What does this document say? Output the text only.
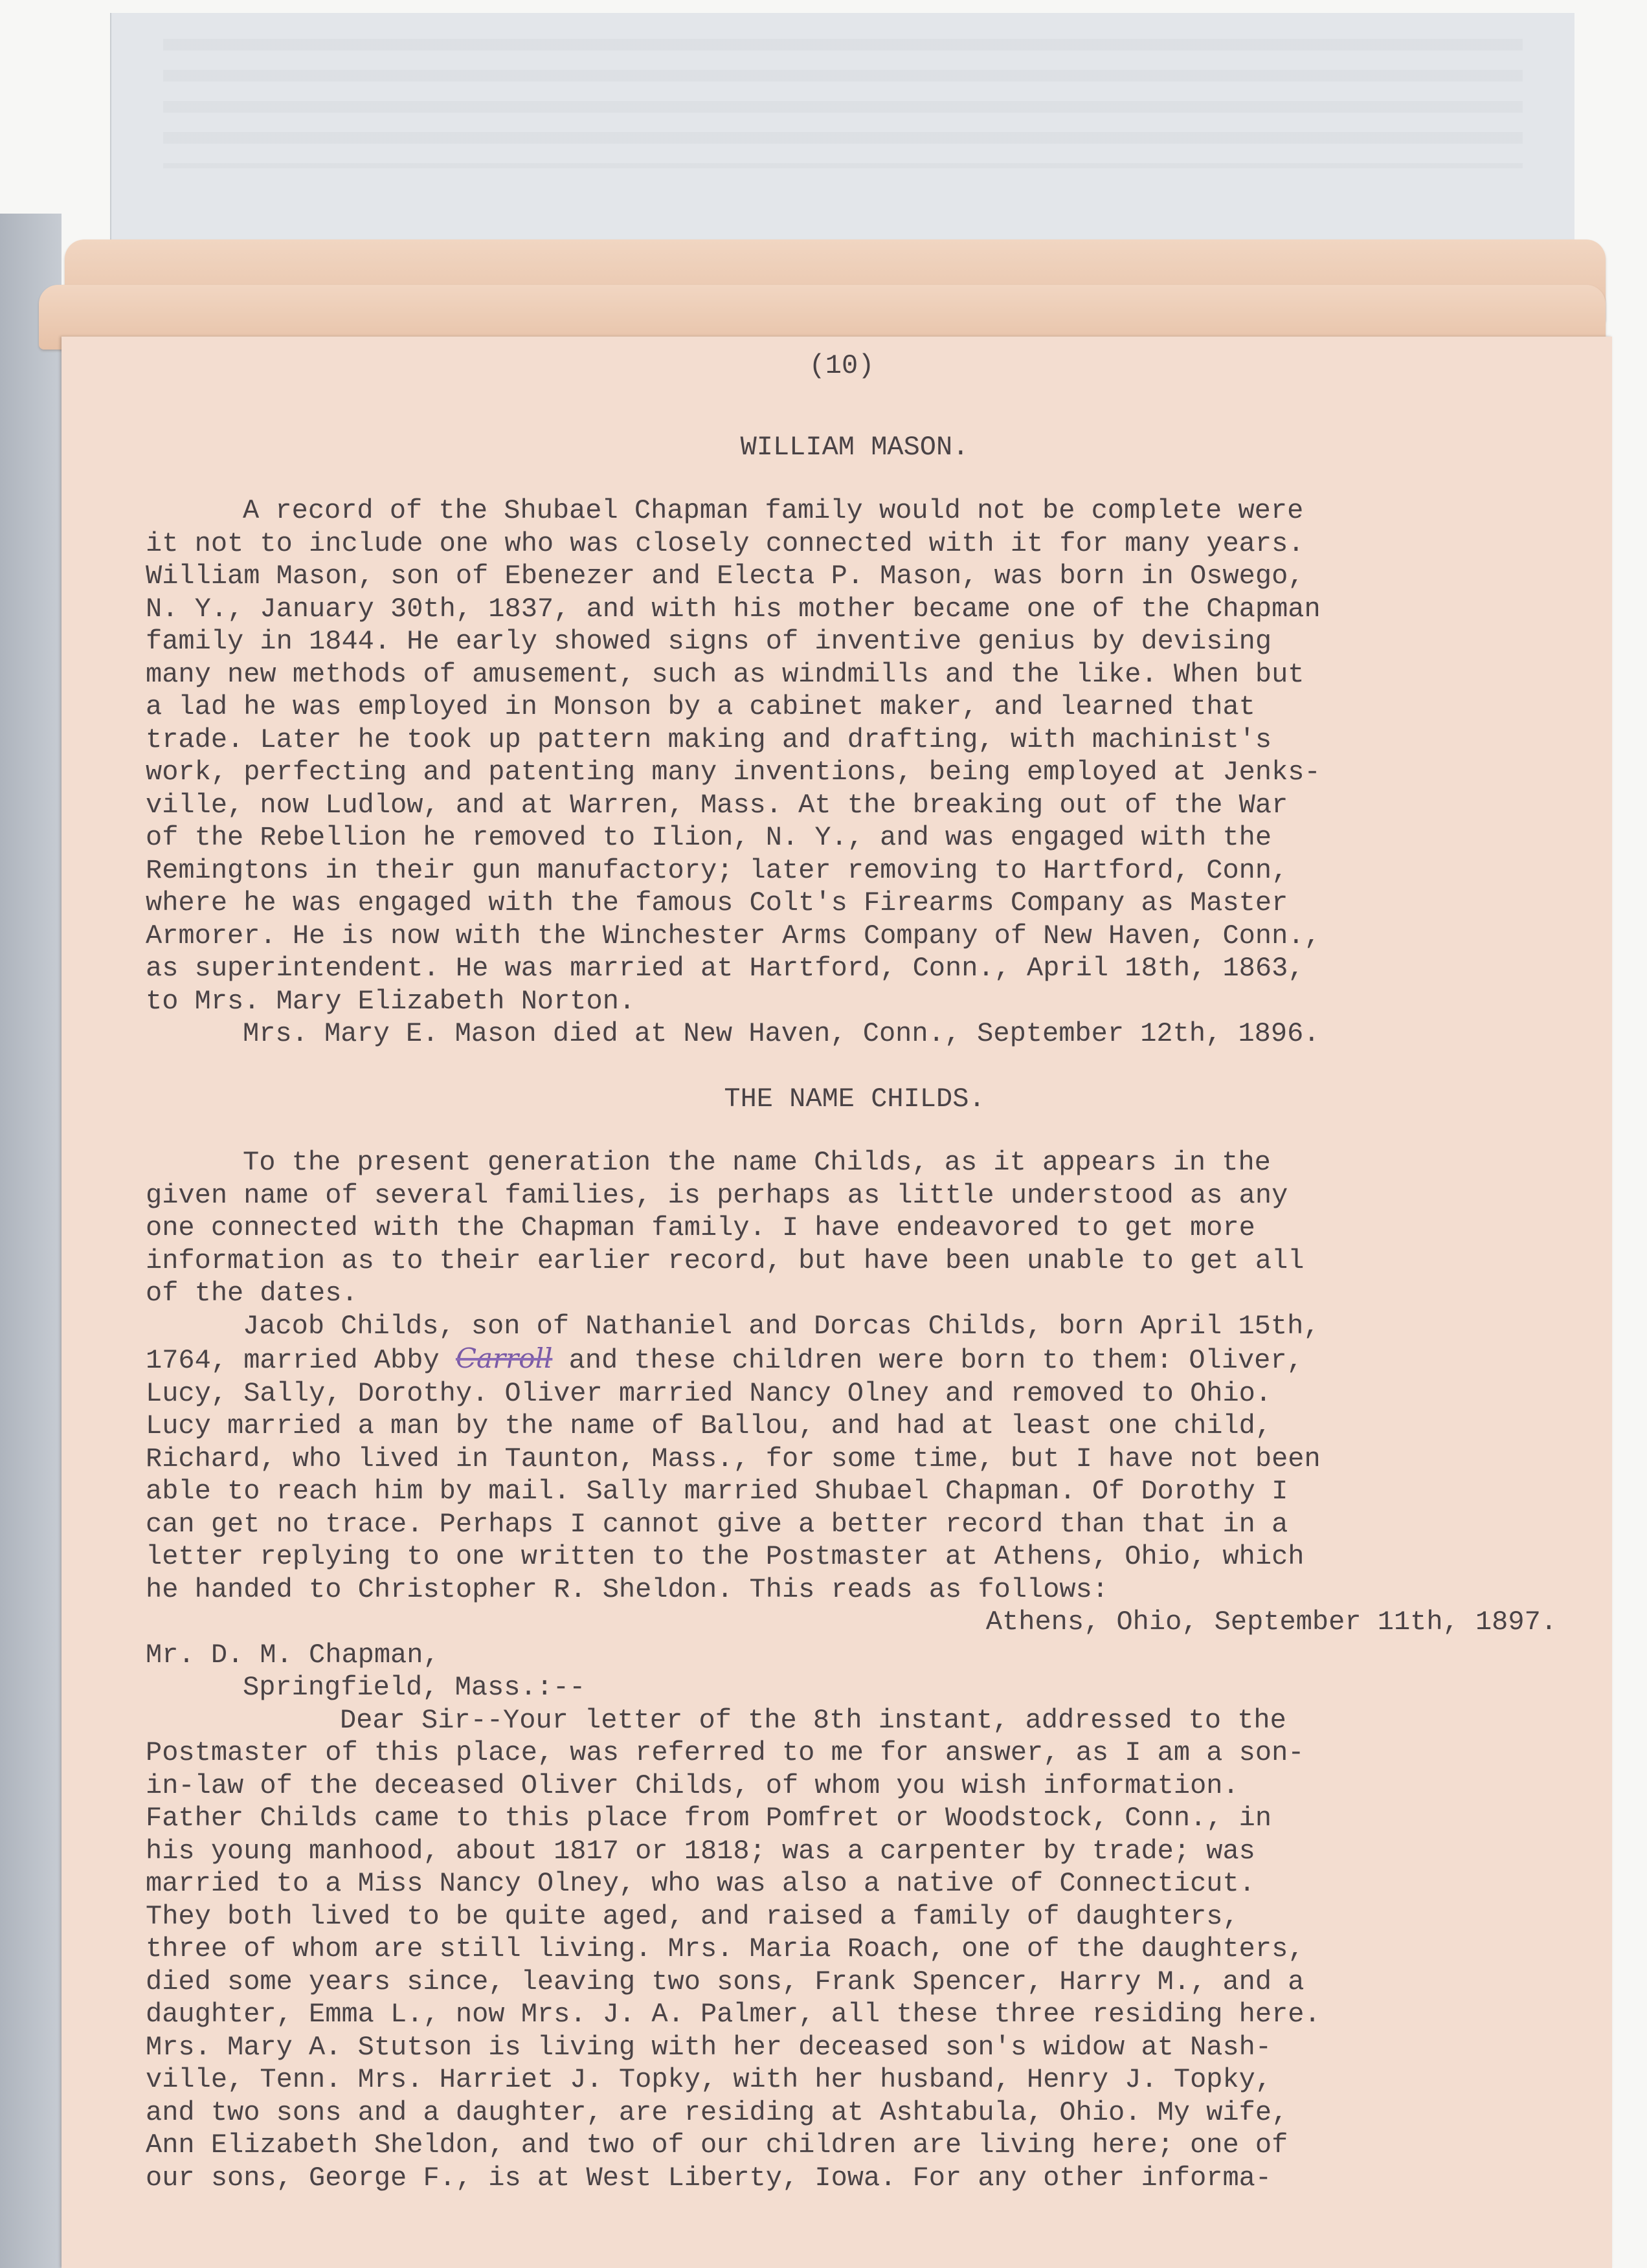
(10)
WILLIAM MASON.
A record of the Shubael Chapman family would not be complete were
it not to include one who was closely connected with it for many years.
William Mason, son of Ebenezer and Electa P. Mason, was born in Oswego,
N. Y., January 30th, 1837, and with his mother became one of the Chapman
family in 1844. He early showed signs of inventive genius by devising
many new methods of amusement, such as windmills and the like. When but
a lad he was employed in Monson by a cabinet maker, and learned that
trade. Later he took up pattern making and drafting, with machinist's
work, perfecting and patenting many inventions, being employed at Jenks-
ville, now Ludlow, and at Warren, Mass. At the breaking out of the War
of the Rebellion he removed to Ilion, N. Y., and was engaged with the
Remingtons in their gun manufactory; later removing to Hartford, Conn,
where he was engaged with the famous Colt's Firearms Company as Master
Armorer. He is now with the Winchester Arms Company of New Haven, Conn.,
as superintendent. He was married at Hartford, Conn., April 18th, 1863,
to Mrs. Mary Elizabeth Norton.
Mrs. Mary E. Mason died at New Haven, Conn., September 12th, 1896.
THE NAME CHILDS.
To the present generation the name Childs, as it appears in the
given name of several families, is perhaps as little understood as any
one connected with the Chapman family. I have endeavored to get more
information as to their earlier record, but have been unable to get all
of the dates.
Jacob Childs, son of Nathaniel and Dorcas Childs, born April 15th,
1764, married Abby Carroll and these children were born to them: Oliver,
Lucy, Sally, Dorothy. Oliver married Nancy Olney and removed to Ohio.
Lucy married a man by the name of Ballou, and had at least one child,
Richard, who lived in Taunton, Mass., for some time, but I have not been
able to reach him by mail. Sally married Shubael Chapman. Of Dorothy I
can get no trace. Perhaps I cannot give a better record than that in a
letter replying to one written to the Postmaster at Athens, Ohio, which
he handed to Christopher R. Sheldon. This reads as follows:
Athens, Ohio, September 11th, 1897.
Mr. D. M. Chapman,
Springfield, Mass.:--
Dear Sir--Your letter of the 8th instant, addressed to the
Postmaster of this place, was referred to me for answer, as I am a son-
in-law of the deceased Oliver Childs, of whom you wish information.
Father Childs came to this place from Pomfret or Woodstock, Conn., in
his young manhood, about 1817 or 1818; was a carpenter by trade; was
married to a Miss Nancy Olney, who was also a native of Connecticut.
They both lived to be quite aged, and raised a family of daughters,
three of whom are still living. Mrs. Maria Roach, one of the daughters,
died some years since, leaving two sons, Frank Spencer, Harry M., and a
daughter, Emma L., now Mrs. J. A. Palmer, all these three residing here.
Mrs. Mary A. Stutson is living with her deceased son's widow at Nash-
ville, Tenn. Mrs. Harriet J. Topky, with her husband, Henry J. Topky,
and two sons and a daughter, are residing at Ashtabula, Ohio. My wife,
Ann Elizabeth Sheldon, and two of our children are living here; one of
our sons, George F., is at West Liberty, Iowa. For any other informa-
